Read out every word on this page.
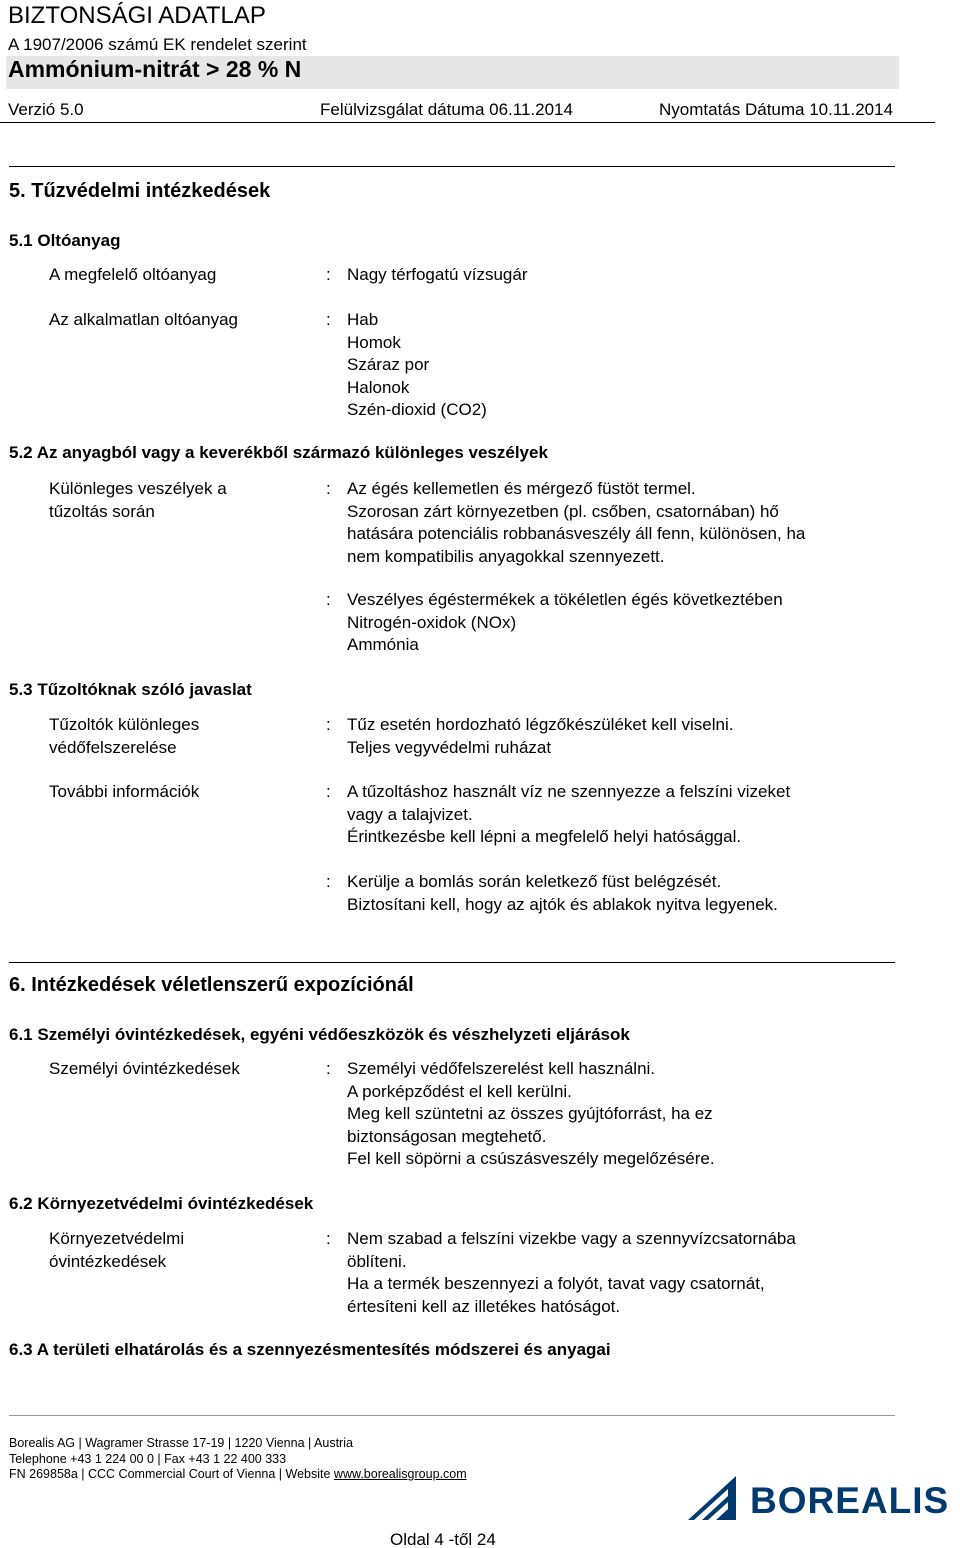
BIZTONSÁGI ADATLAP
A 1907/2006 számú EK rendelet szerint
Ammónium-nitrát > 28 % N
Verzió 5.0	Felülvizsgálat dátuma 06.11.2014	Nyomtatás Dátuma 10.11.2014
5. Tűzvédelmi intézkedések
5.1 Oltóanyag
A megfelelő oltóanyag	: Nagy térfogatú vízsugár
Az alkalmatlan oltóanyag	: Hab
Homok
Száraz por
Halonok
Szén-dioxid (CO2)
5.2 Az anyagból vagy a keverékből származó különleges veszélyek
Különleges veszélyek a
tűzoltás során
: Az égés kellemetlen és mérgező füstöt termel.
Szorosan zárt környezetben (pl. csőben, csatornában) hő
hatására potenciális robbanásveszély áll fenn, különösen, ha
nem kompatibilis anyagokkal szennyezett.
: Veszélyes égéstermékek a tökéletlen égés következtében
Nitrogén-oxidok (NOx)
Ammónia
5.3 Tűzoltóknak szóló javaslat
Tűzoltók különleges
védőfelszerelése
: Tűz esetén hordozható légzőkészüléket kell viselni.
Teljes vegyvédelmi ruházat
További információk	: A tűzoltáshoz használt víz ne szennyezze a felszíni vizeket
vagy a talajvizet.
Érintkezésbe kell lépni a megfelelő helyi hatósággal.
: Kerülje a bomlás során keletkező füst belégzését.
Biztosítani kell, hogy az ajtók és ablakok nyitva legyenek.
6. Intézkedések véletlenszerű expozíciónál
6.1 Személyi óvintézkedések, egyéni védőeszközök és vészhelyzeti eljárások
Személyi óvintézkedések	: Személyi védőfelszerelést kell használni.
A porképződést el kell kerülni.
Meg kell szüntetni az összes gyújtóforrást, ha ez
biztonságosan megtehető.
Fel kell söpörni a csúszásveszély megelőzésére.
6.2 Környezetvédelmi óvintézkedések
Környezetvédelmi
óvintézkedések
: Nem szabad a felszíni vizekbe vagy a szennyvízcsatornába
öblíteni.
Ha a termék beszennyezi a folyót, tavat vagy csatornát,
értesíteni kell az illetékes hatóságot.
6.3 A területi elhatárolás és a szennyezésmentesítés módszerei és anyagai
Borealis AG | Wagramer Strasse 17-19 | 1220 Vienna | Austria
Telephone +43 1 224 00 0 | Fax +43 1 22 400 333
FN 269858a | CCC Commercial Court of Vienna | Website www.borealisgroup.com
BOREALIS
Oldal 4 -től 24
